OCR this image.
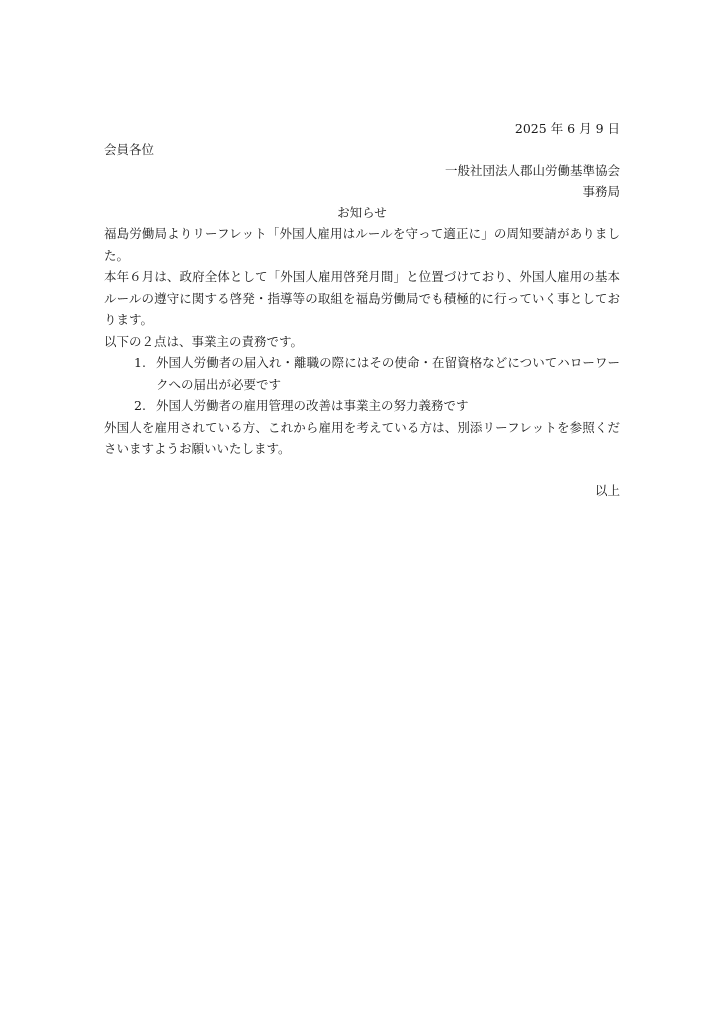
2025 年 6 月 9 日
会員各位
一般社団法人郡山労働基準協会
事務局
お知らせ
福島労働局よりリーフレット「外国人雇用はルールを守って適正に」の周知要請がありました。
本年６月は、政府全体として「外国人雇用啓発月間」と位置づけており、外国人雇用の基本ルールの遵守に関する啓発・指導等の取組を福島労働局でも積極的に行っていく事としております。
以下の２点は、事業主の責務です。
1. 外国人労働者の届入れ・離職の際にはその使命・在留資格などについてハローワークへの届出が必要です
2. 外国人労働者の雇用管理の改善は事業主の努力義務です
外国人を雇用されている方、これから雇用を考えている方は、別添リーフレットを参照くださいますようお願いいたします。
以上
